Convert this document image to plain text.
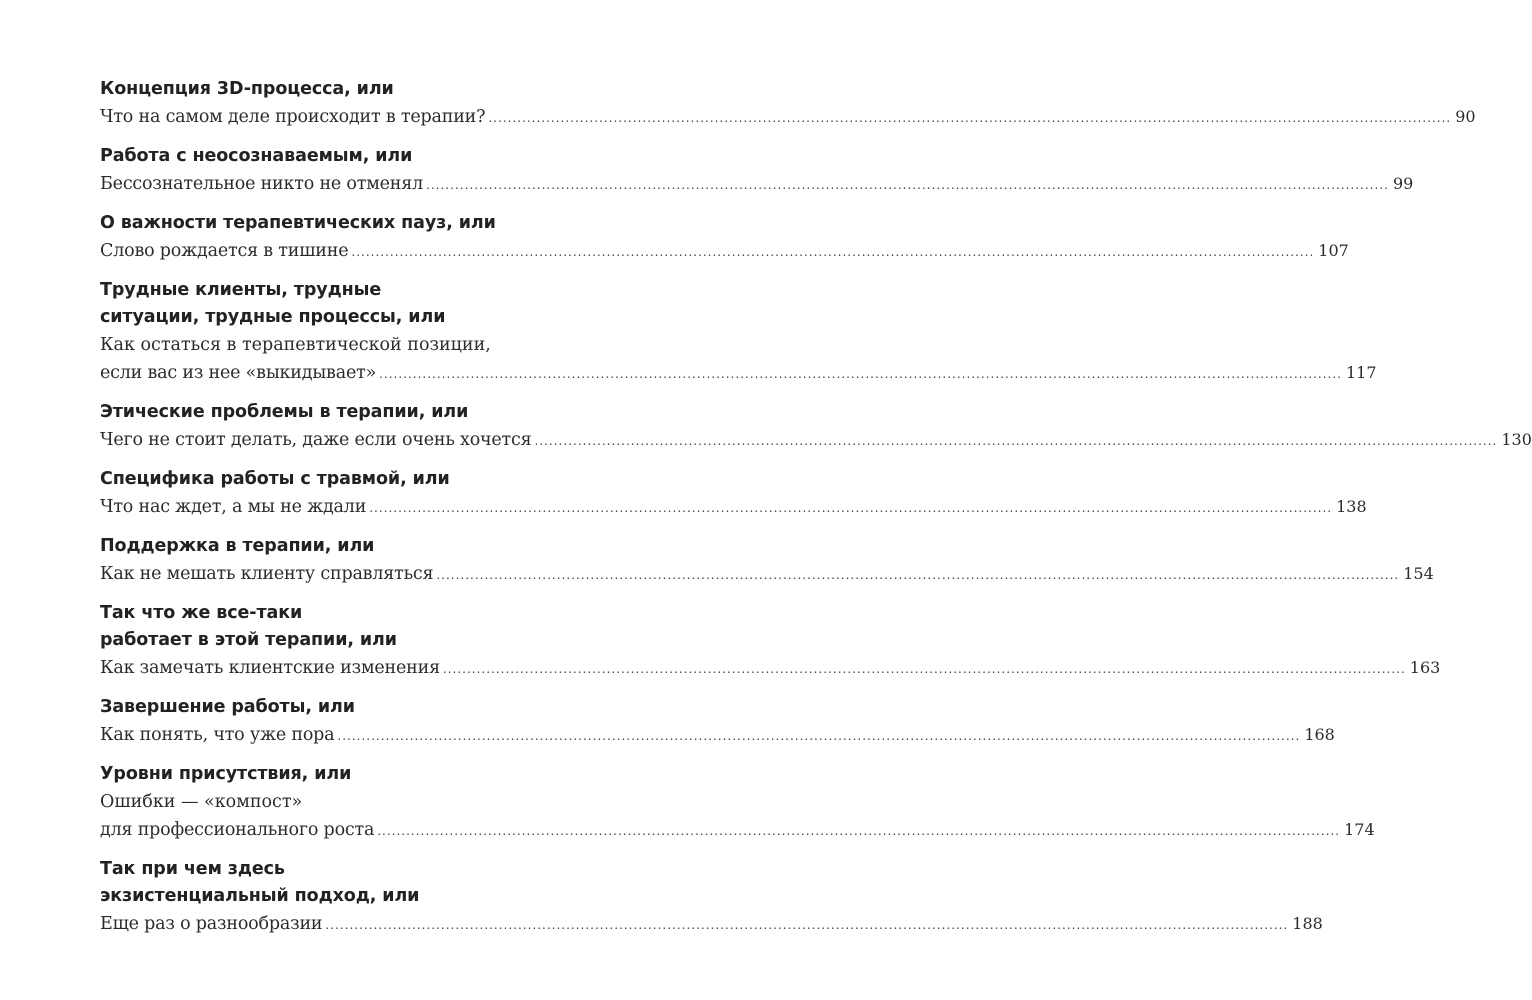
Концепция 3D-процесса, или
Что на самом деле происходит в терапии? ........................................................................................................................................................................................................ 90
Работа с неосознаваемым, или
Бессознательное никто не отменял ........................................................................................................................................................................................................ 99
О важности терапевтических пауз, или
Слово рождается в тишине ........................................................................................................................................................................................................ 107
Трудные клиенты, трудные
ситуации, трудные процессы, или
Как остаться в терапевтической позиции,
если вас из нее «выкидывает» ........................................................................................................................................................................................................ 117
Этические проблемы в терапии, или
Чего не стоит делать, даже если очень хочется ........................................................................................................................................................................................................ 130
Специфика работы с травмой, или
Что нас ждет, а мы не ждали ........................................................................................................................................................................................................ 138
Поддержка в терапии, или
Как не мешать клиенту справляться ........................................................................................................................................................................................................ 154
Так что же все-таки
работает в этой терапии, или
Как замечать клиентские изменения ........................................................................................................................................................................................................ 163
Завершение работы, или
Как понять, что уже пора ........................................................................................................................................................................................................ 168
Уровни присутствия, или
Ошибки — «компост»
для профессионального роста ........................................................................................................................................................................................................ 174
Так при чем здесь
экзистенциальный подход, или
Еще раз о разнообразии ........................................................................................................................................................................................................ 188
